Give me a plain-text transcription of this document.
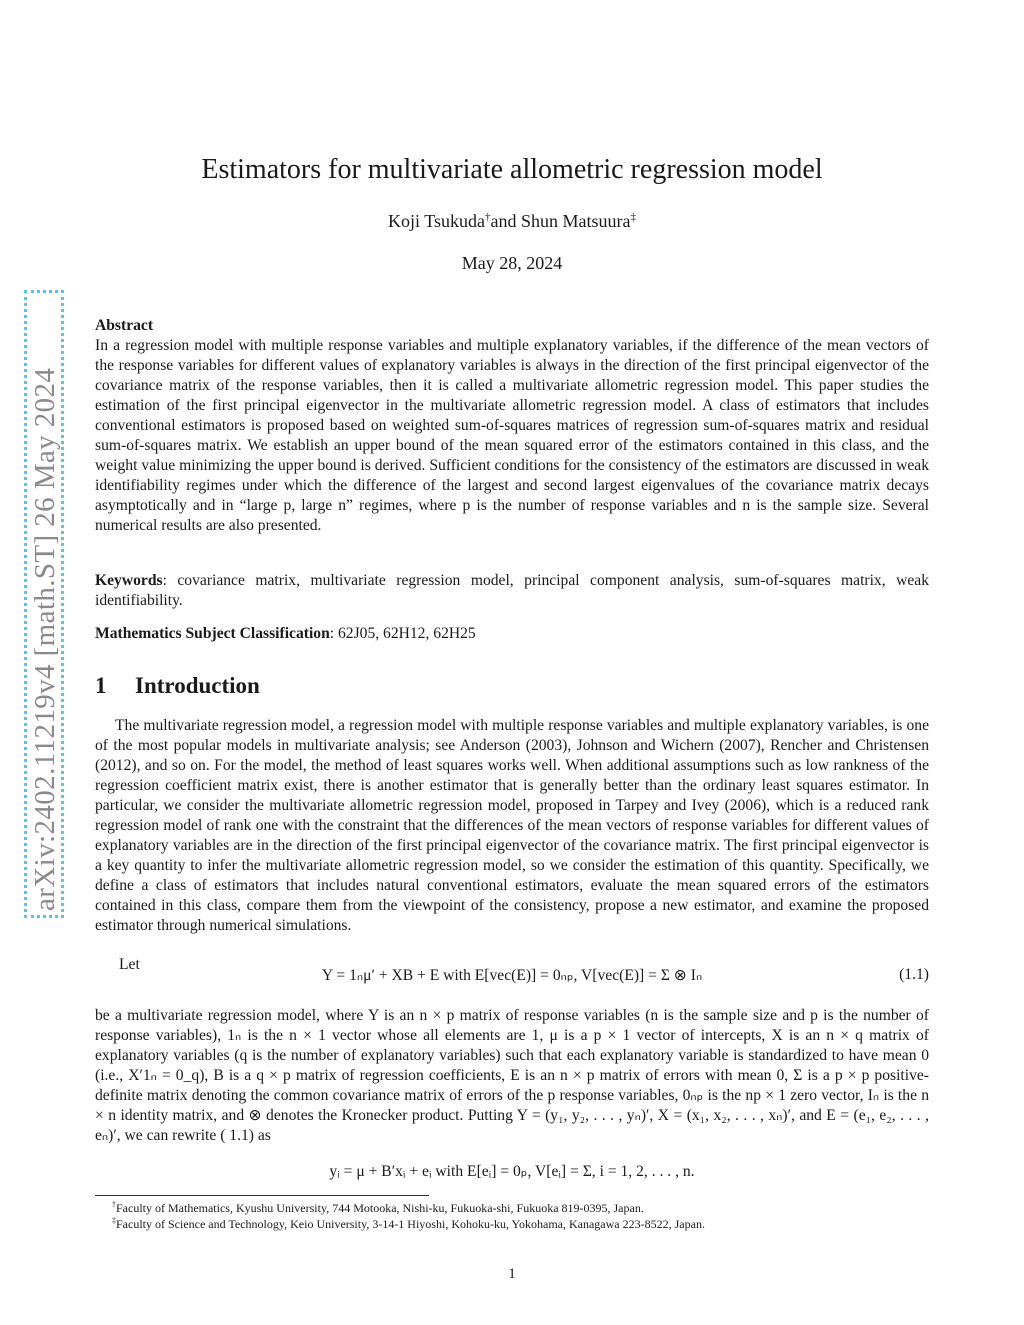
arXiv:2402.11219v4 [math.ST] 26 May 2024
Estimators for multivariate allometric regression model
Koji Tsukuda†and Shun Matsuura‡
May 28, 2024
Abstract
In a regression model with multiple response variables and multiple explanatory variables, if the difference of the mean vectors of the response variables for different values of explanatory variables is always in the direction of the first principal eigenvector of the covariance matrix of the response variables, then it is called a multivariate allometric regression model. This paper studies the estimation of the first principal eigenvector in the multivariate allometric regression model. A class of estimators that includes conventional estimators is proposed based on weighted sum-of-squares matrices of regression sum-of-squares matrix and residual sum-of-squares matrix. We establish an upper bound of the mean squared error of the estimators contained in this class, and the weight value minimizing the upper bound is derived. Sufficient conditions for the consistency of the estimators are discussed in weak identifiability regimes under which the difference of the largest and second largest eigenvalues of the covariance matrix decays asymptotically and in “large p, large n” regimes, where p is the number of response variables and n is the sample size. Several numerical results are also presented.
Keywords: covariance matrix, multivariate regression model, principal component analysis, sum-of-squares matrix, weak identifiability.
Mathematics Subject Classification: 62J05, 62H12, 62H25
1 Introduction
The multivariate regression model, a regression model with multiple response variables and multiple explanatory variables, is one of the most popular models in multivariate analysis; see Anderson (2003), Johnson and Wichern (2007), Rencher and Christensen (2012), and so on. For the model, the method of least squares works well. When additional assumptions such as low rankness of the regression coefficient matrix exist, there is another estimator that is generally better than the ordinary least squares estimator. In particular, we consider the multivariate allometric regression model, proposed in Tarpey and Ivey (2006), which is a reduced rank regression model of rank one with the constraint that the differences of the mean vectors of response variables for different values of explanatory variables are in the direction of the first principal eigenvector of the covariance matrix. The first principal eigenvector is a key quantity to infer the multivariate allometric regression model, so we consider the estimation of this quantity. Specifically, we define a class of estimators that includes natural conventional estimators, evaluate the mean squared errors of the estimators contained in this class, compare them from the viewpoint of the consistency, propose a new estimator, and examine the proposed estimator through numerical simulations.
Let
Y = 1ₙμ′ + XB + E with E[vec(E)] = 0ₙₚ, V[vec(E)] = Σ ⊗ Iₙ	(1.1)
be a multivariate regression model, where Y is an n × p matrix of response variables (n is the sample size and p is the number of response variables), 1ₙ is the n × 1 vector whose all elements are 1, μ is a p × 1 vector of intercepts, X is an n × q matrix of explanatory variables (q is the number of explanatory variables) such that each explanatory variable is standardized to have mean 0 (i.e., X′1ₙ = 0_q), B is a q × p matrix of regression coefficients, E is an n × p matrix of errors with mean 0, Σ is a p × p positive-definite matrix denoting the common covariance matrix of errors of the p response variables, 0ₙₚ is the np × 1 zero vector, Iₙ is the n × n identity matrix, and ⊗ denotes the Kronecker product. Putting Y = (y₁, y₂, . . . , yₙ)′, X = (x₁, x₂, . . . , xₙ)′, and E = (e₁, e₂, . . . , eₙ)′, we can rewrite ( 1.1) as
yᵢ = μ + B′xᵢ + eᵢ with E[eᵢ] = 0ₚ, V[eᵢ] = Σ, i = 1, 2, . . . , n.
†Faculty of Mathematics, Kyushu University, 744 Motooka, Nishi-ku, Fukuoka-shi, Fukuoka 819-0395, Japan.
‡Faculty of Science and Technology, Keio University, 3-14-1 Hiyoshi, Kohoku-ku, Yokohama, Kanagawa 223-8522, Japan.
1
